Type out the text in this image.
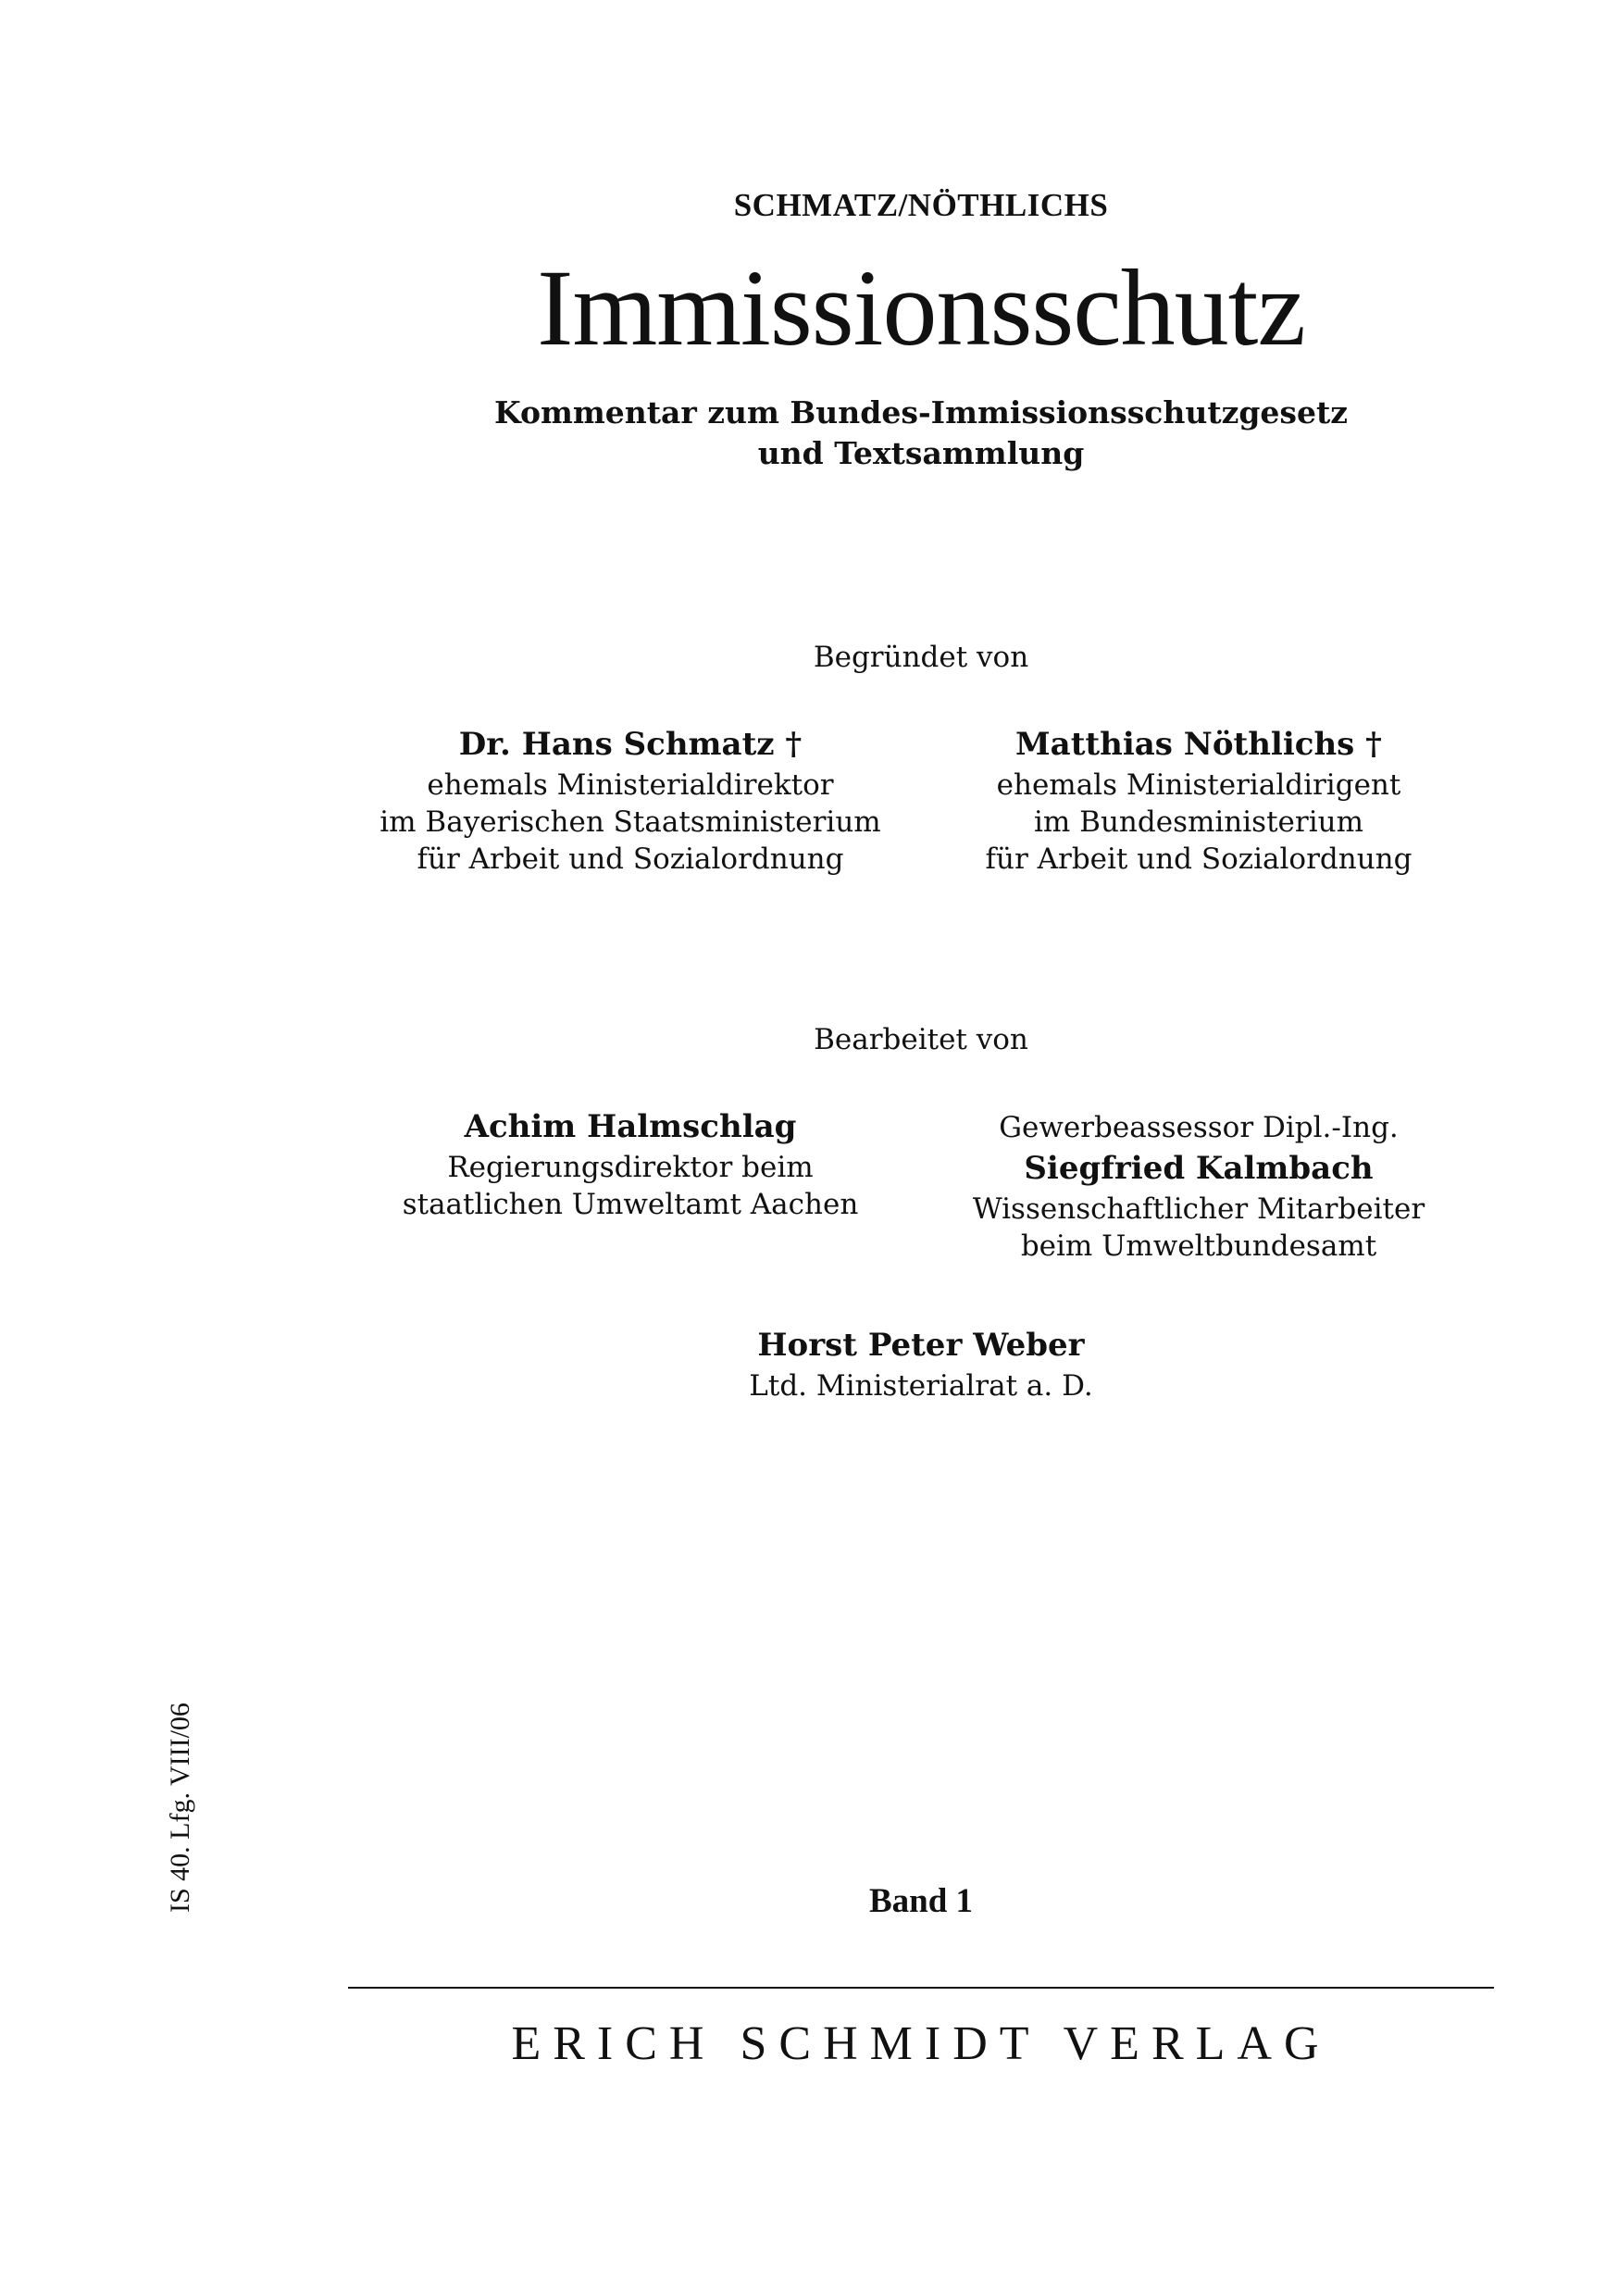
SCHMATZ/NÖTHLICHS
Immissionsschutz
Kommentar zum Bundes-Immissionsschutzgesetz
und Textsammlung
Begründet von
Dr. Hans Schmatz †
ehemals Ministerialdirektor
im Bayerischen Staatsministerium
für Arbeit und Sozialordnung
Matthias Nöthlichs †
ehemals Ministerialdirigent
im Bundesministerium
für Arbeit und Sozialordnung
Bearbeitet von
Achim Halmschlag
Regierungsdirektor beim
staatlichen Umweltamt Aachen
Gewerbeassessor Dipl.-Ing.
Siegfried Kalmbach
Wissenschaftlicher Mitarbeiter
beim Umweltbundesamt
Horst Peter Weber
Ltd. Ministerialrat a. D.
Band 1
ERICH SCHMIDT VERLAG
IS 40. Lfg. VIII/06
